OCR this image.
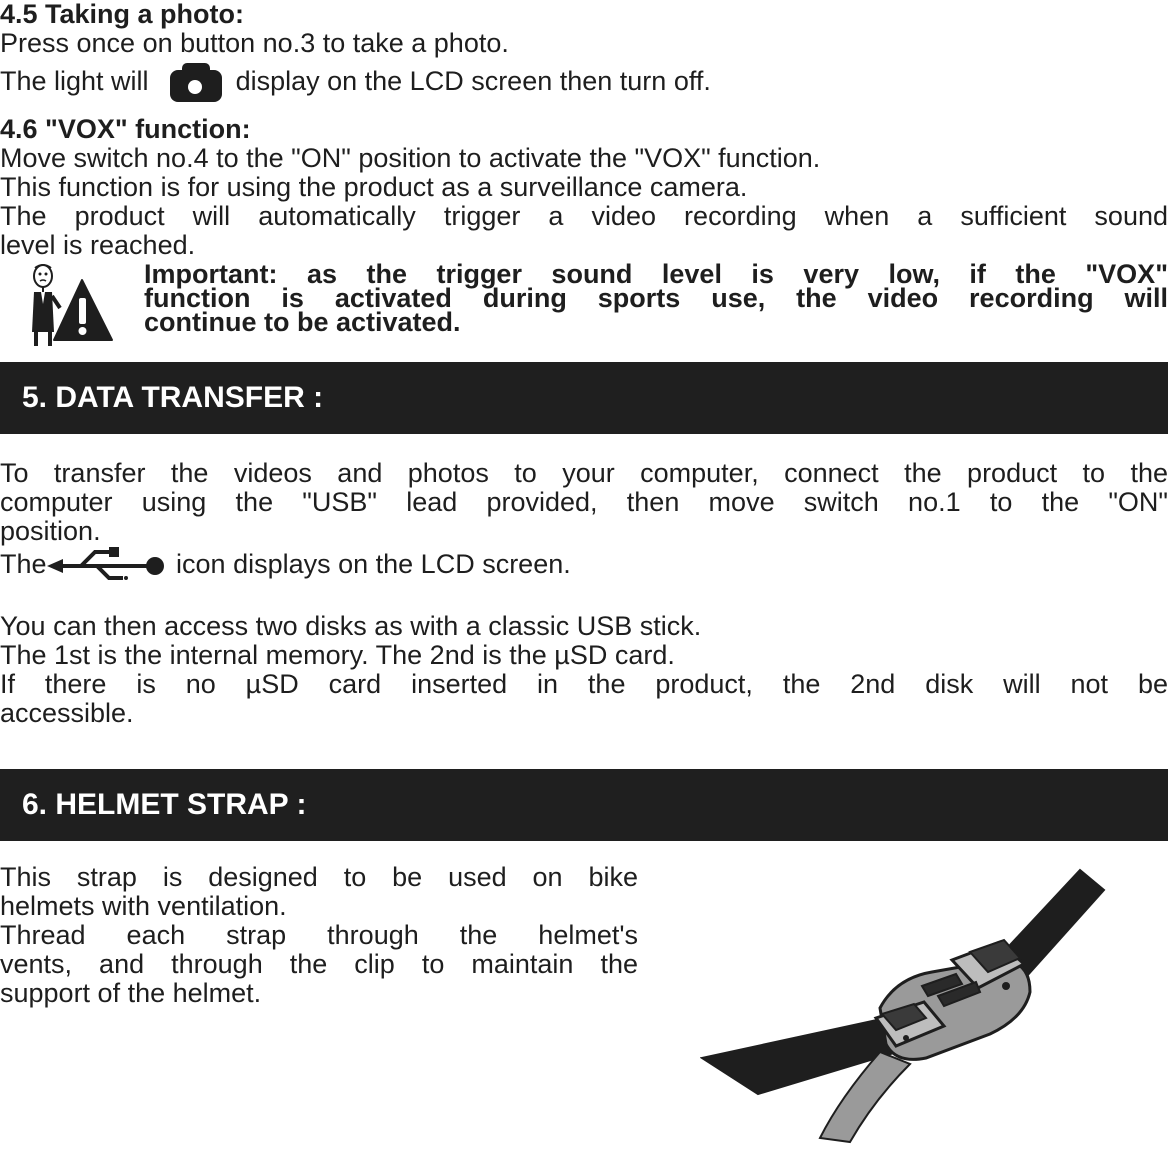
4.5 Taking a photo:

Press once on button no.3 to take a photo.

The light will	display on the LCD screen then turn off.

4.6 "VOX" function:

Move switch no.4 to the "ON" position to activate the "VOX" function.

This function is for using the product as a surveillance camera.

The product will automatically trigger a video recording when a sufficient sound

level is reached.

Important: as the trigger sound level is very low, if the "VOX"

function is activated during sports use, the video recording will

continue to be activated.

5. DATA TRANSFER :

To transfer the videos and photos to your computer, connect the product to the

computer using the "USB" lead provided, then move switch no.1 to the "ON"

position.

The	icon displays on the LCD screen.

You can then access two disks as with a classic USB stick.

The 1st is the internal memory. The 2nd is the µSD card.

If there is no µSD card inserted in the product, the 2nd disk will not be

accessible.

6. HELMET STRAP :

This strap is designed to be used on bike

helmets with ventilation.

Thread each strap through the helmet's

vents, and through the clip to maintain the

support of the helmet.
